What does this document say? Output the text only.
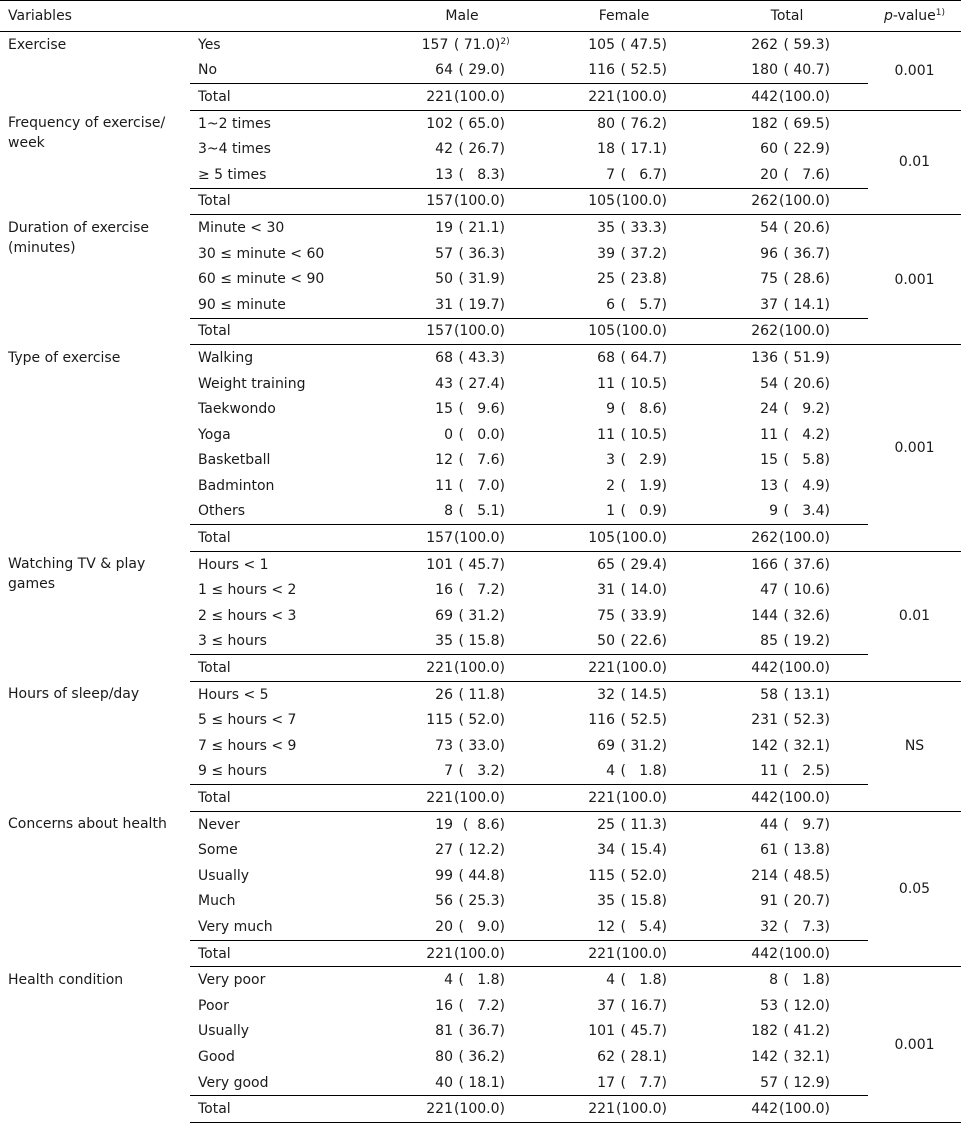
Variables		Male	Female	Total	p-value$^{1)}$
Exercise	Yes	157 ( 71.0)$^{2)}$	105 ( 47.5)	262 ( 59.3)	0.001
	No	64 ( 29.0)	116 ( 52.5)	180 ( 40.7)	
	Total	221(100.0)	221(100.0)	442(100.0)	
Frequency of exercise/ week	1~2 times	102 ( 65.0)	80 ( 76.2)	182 ( 69.5)	0.01
	3~4 times	42 ( 26.7)	18 ( 17.1)	60 ( 22.9)	
	≥ 5 times	13 (   8.3)	7 (   6.7)	20 (   7.6)	
	Total	157(100.0)	105(100.0)	262(100.0)	
Duration of exercise (minutes)	Minute < 30	19 ( 21.1)	35 ( 33.3)	54 ( 20.6)	0.001
	30 ≤ minute < 60	57 ( 36.3)	39 ( 37.2)	96 ( 36.7)	
	60 ≤ minute < 90	50 ( 31.9)	25 ( 23.8)	75 ( 28.6)	
	90 ≤ minute	31 ( 19.7)	6 (   5.7)	37 ( 14.1)	
	Total	157(100.0)	105(100.0)	262(100.0)	
Type of exercise	Walking	68 ( 43.3)	68 ( 64.7)	136 ( 51.9)	0.001
	Weight training	43 ( 27.4)	11 ( 10.5)	54 ( 20.6)	
	Taekwondo	15 (   9.6)	9 (   8.6)	24 (   9.2)	
	Yoga	0 (   0.0)	11 ( 10.5)	11 (   4.2)	
	Basketball	12 (   7.6)	3 (   2.9)	15 (   5.8)	
	Badminton	11 (   7.0)	2 (   1.9)	13 (   4.9)	
	Others	8 (   5.1)	1 (   0.9)	9 (   3.4)	
	Total	157(100.0)	105(100.0)	262(100.0)	
Watching TV & play games	Hours < 1	101 ( 45.7)	65 ( 29.4)	166 ( 37.6)	0.01
	1 ≤ hours < 2	16 (   7.2)	31 ( 14.0)	47 ( 10.6)	
	2 ≤ hours < 3	69 ( 31.2)	75 ( 33.9)	144 ( 32.6)	
	3 ≤ hours	35 ( 15.8)	50 ( 22.6)	85 ( 19.2)	
	Total	221(100.0)	221(100.0)	442(100.0)	
Hours of sleep/day	Hours < 5	26 ( 11.8)	32 ( 14.5)	58 ( 13.1)	NS
	5 ≤ hours < 7	115 ( 52.0)	116 ( 52.5)	231 ( 52.3)	
	7 ≤ hours < 9	73 ( 33.0)	69 ( 31.2)	142 ( 32.1)	
	9 ≤ hours	7 (   3.2)	4 (   1.8)	11 (   2.5)	
	Total	221(100.0)	221(100.0)	442(100.0)	
Concerns about health	Never	19 (  8.6)	25 ( 11.3)	44 (   9.7)	0.05
	Some	27 ( 12.2)	34 ( 15.4)	61 ( 13.8)	
	Usually	99 ( 44.8)	115 ( 52.0)	214 ( 48.5)	
	Much	56 ( 25.3)	35 ( 15.8)	91 ( 20.7)	
	Very much	20 (   9.0)	12 (   5.4)	32 (   7.3)	
	Total	221(100.0)	221(100.0)	442(100.0)	
Health condition	Very poor	4 (   1.8)	4 (   1.8)	8 (   1.8)	0.001
	Poor	16 (   7.2)	37 ( 16.7)	53 ( 12.0)	
	Usually	81 ( 36.7)	101 ( 45.7)	182 ( 41.2)	
	Good	80 ( 36.2)	62 ( 28.1)	142 ( 32.1)	
	Very good	40 ( 18.1)	17 (   7.7)	57 ( 12.9)	
	Total	221(100.0)	221(100.0)	442(100.0)	
